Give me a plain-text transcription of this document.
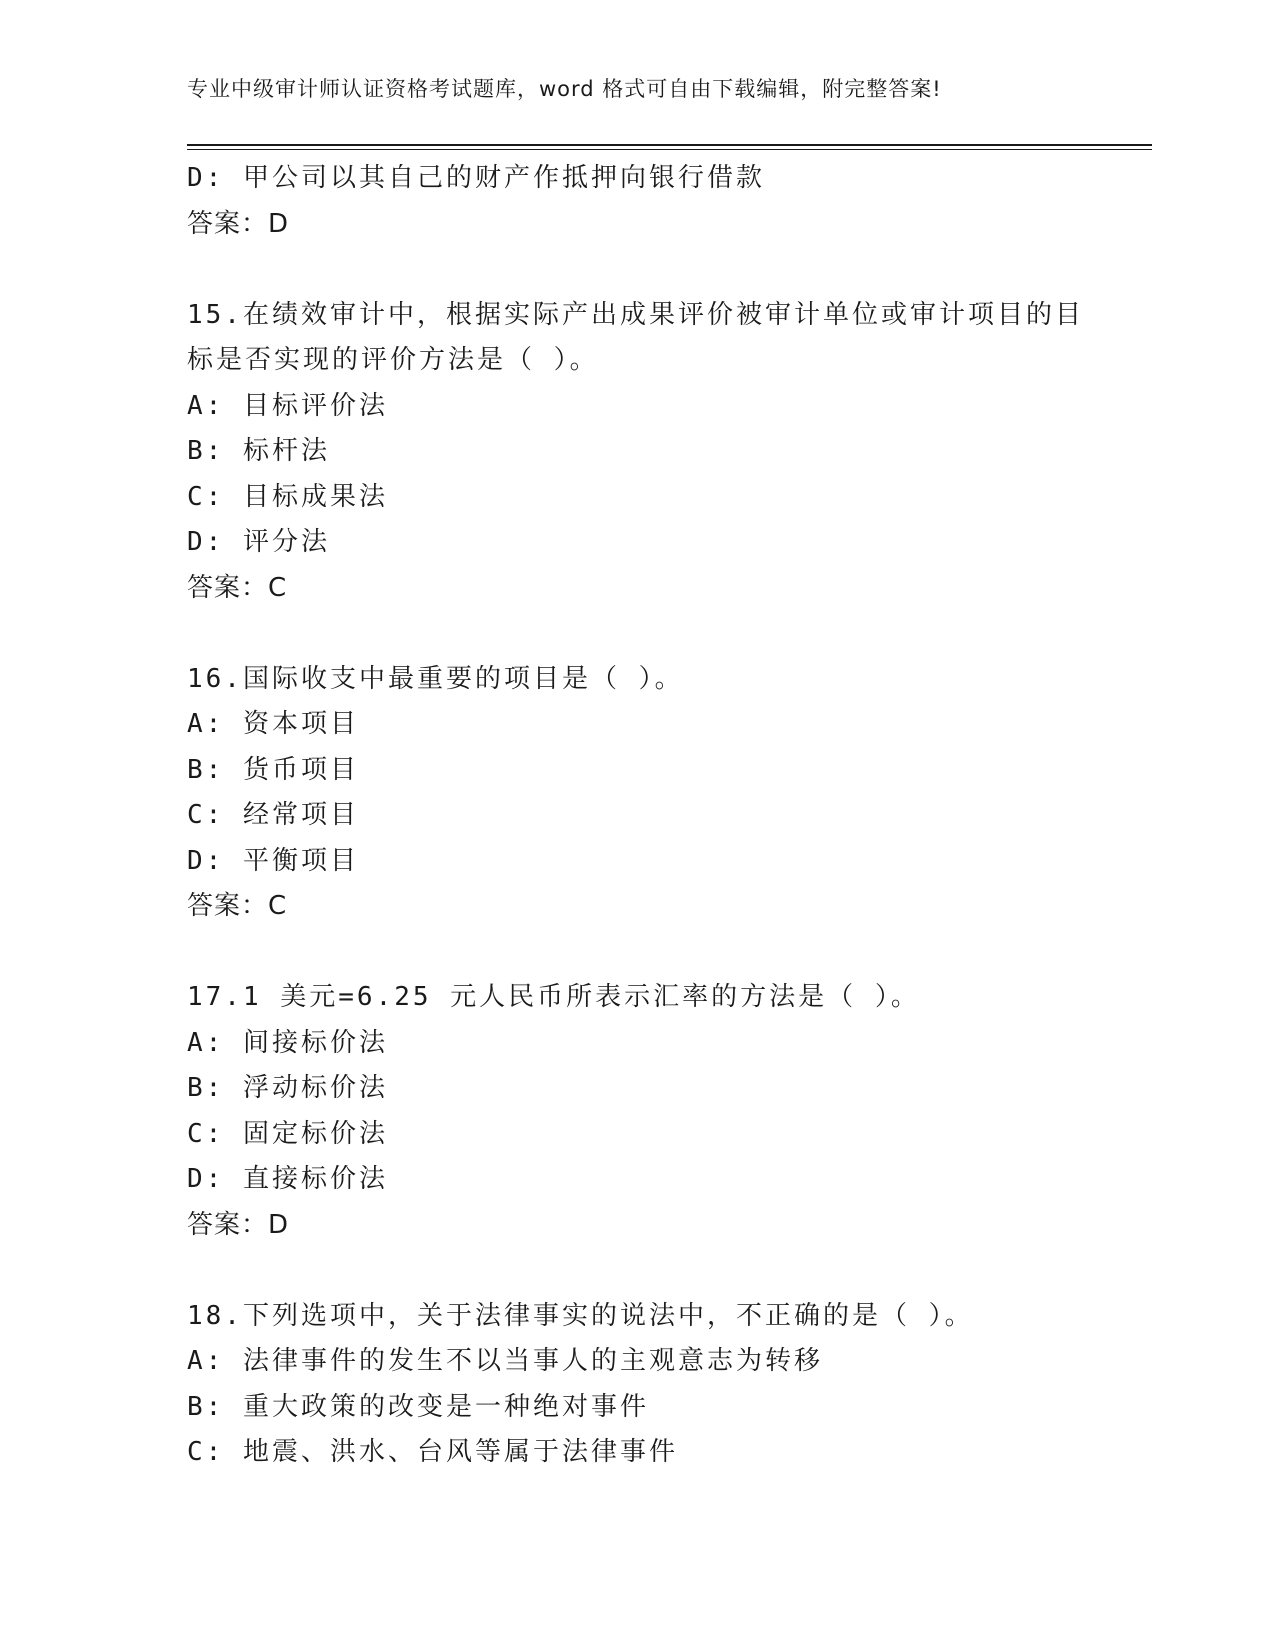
专业中级审计师认证资格考试题库，word 格式可自由下载编辑，附完整答案!
D: 甲公司以其自己的财产作抵押向银行借款
答案：D
15.在绩效审计中，根据实际产出成果评价被审计单位或审计项目的目
标是否实现的评价方法是（ ）。
A: 目标评价法
B: 标杆法
C: 目标成果法
D: 评分法
答案：C
16.国际收支中最重要的项目是（ ）。
A: 资本项目
B: 货币项目
C: 经常项目
D: 平衡项目
答案：C
17.1 美元=6.25 元人民币所表示汇率的方法是（ ）。
A: 间接标价法
B: 浮动标价法
C: 固定标价法
D: 直接标价法
答案：D
18.下列选项中，关于法律事实的说法中，不正确的是（ ）。
A: 法律事件的发生不以当事人的主观意志为转移
B: 重大政策的改变是一种绝对事件
C: 地震、洪水、台风等属于法律事件
